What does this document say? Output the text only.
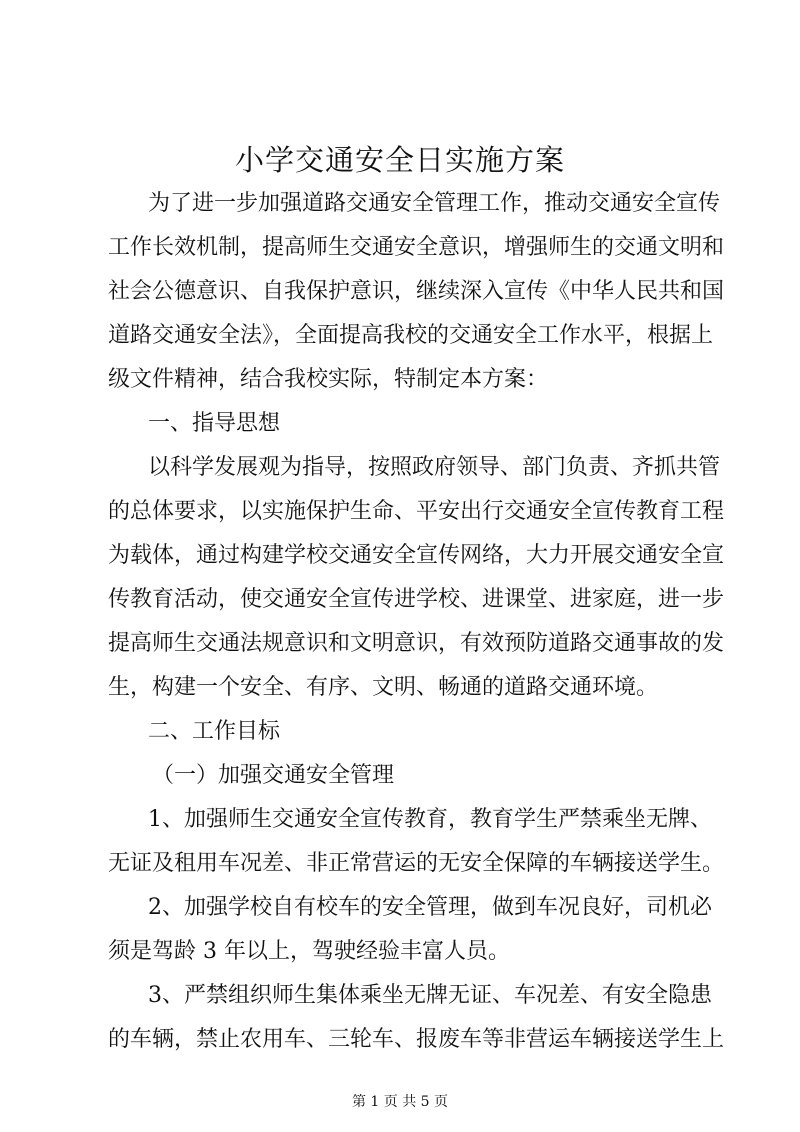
小学交通安全日实施方案
为了进一步加强道路交通安全管理工作，推动交通安全宣传
工作长效机制，提高师生交通安全意识，增强师生的交通文明和
社会公德意识、自我保护意识，继续深入宣传《中华人民共和国
道路交通安全法》，全面提高我校的交通安全工作水平，根据上
级文件精神，结合我校实际，特制定本方案：
一、指导思想
以科学发展观为指导，按照政府领导、部门负责、齐抓共管
的总体要求，以实施保护生命、平安出行交通安全宣传教育工程
为载体，通过构建学校交通安全宣传网络，大力开展交通安全宣
传教育活动，使交通安全宣传进学校、进课堂、进家庭，进一步
提高师生交通法规意识和文明意识，有效预防道路交通事故的发
生，构建一个安全、有序、文明、畅通的道路交通环境。
二、工作目标
（一）加强交通安全管理
1、加强师生交通安全宣传教育，教育学生严禁乘坐无牌、
无证及租用车况差、非正常营运的无安全保障的车辆接送学生。
2、加强学校自有校车的安全管理，做到车况良好，司机必
须是驾龄 3 年以上，驾驶经验丰富人员。
3、严禁组织师生集体乘坐无牌无证、车况差、有安全隐患
的车辆，禁止农用车、三轮车、报废车等非营运车辆接送学生上
第 1 页 共 5 页
